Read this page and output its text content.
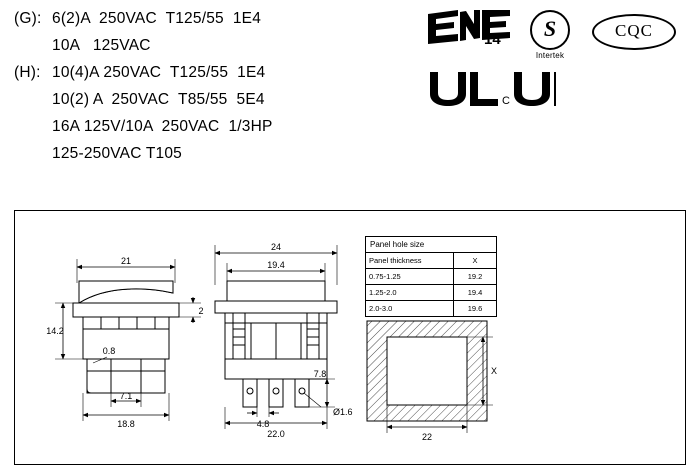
(G): 6(2)A  250VAC  T125/55  1E4
10A   125VAC
(H): 10(4)A 250VAC  T125/55  1E4
10(2) A  250VAC  T85/55  5E4
16A 125V/10A  250VAC  1/3HP
125-250VAC T105
14	S
Intertek
CQC
C
21
14.2
2
0.8
7.1
18.8
24
19.4
7.8
4.8
Ø1.6
22.0
X
22
Panel hole size	
Panel thickness	X
0.75-1.25	19.2
1.25-2.0	19.4
2.0-3.0	19.6
